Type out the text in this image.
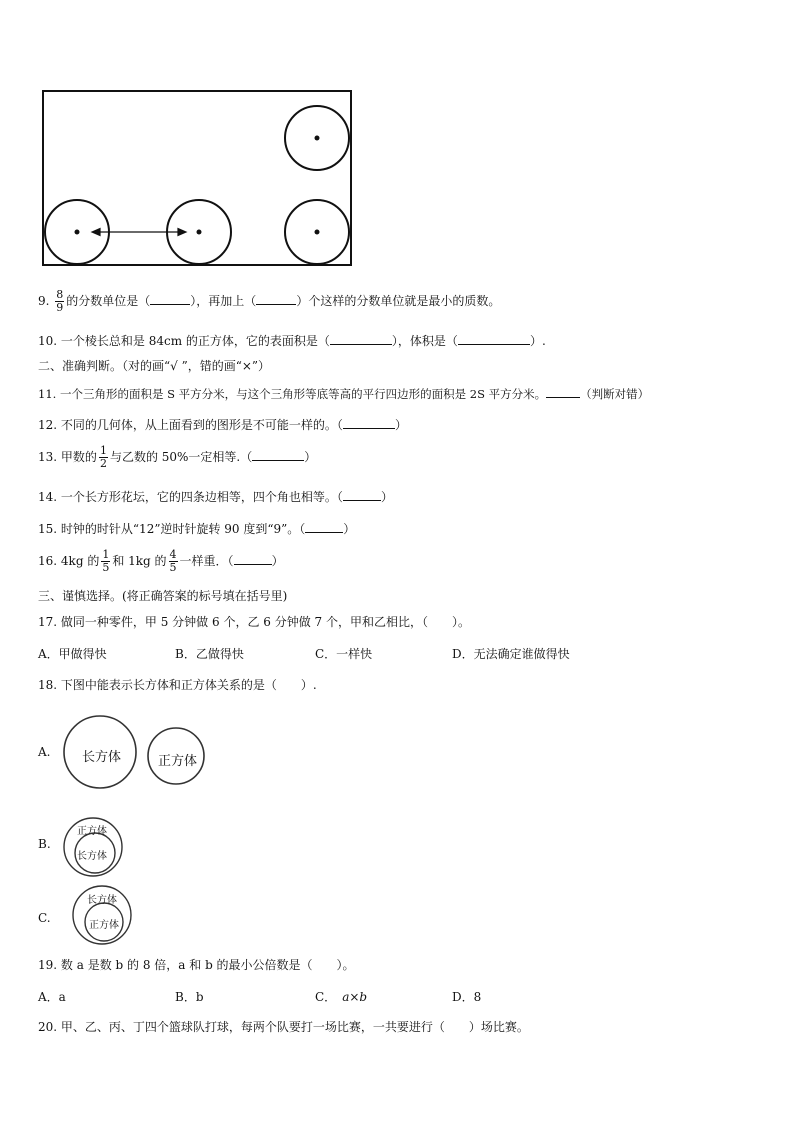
9. $\frac{8}{9}$ 的分数单位是（	），再加上（	）个这样的分数单位就是最小的质数。
10. 一个棱长总和是 84cm 的正方体，它的表面积是（	），体积是（	）.
二、准确判断。（对的画“√ ”，错的画“×”）
11. 一个三角形的面积是 S 平方分米，与这个三角形等底等高的平行四边形的面积是 2S 平方分米。	（判断对错）
12. 不同的几何体，从上面看到的图形是不可能一样的。（	）
13. 甲数的 $\frac{1}{2}$ 与乙数的 50%一定相等.（	）
14. 一个长方形花坛，它的四条边相等，四个角也相等。（	）
15. 时钟的时针从“12”逆时针旋转 90 度到“9”。（	）
16. 4kg 的 $\frac{1}{5}$ 和 1kg 的 $\frac{4}{5}$ 一样重．（	）
三、谨慎选择。(将正确答案的标号填在括号里)
17. 做同一种零件，甲 5 分钟做 6 个，乙 6 分钟做 7 个，甲和乙相比，（　　）。
A．甲做得快	B．乙做得快	C．一样快	D．无法确定谁做得快
18. 下图中能表示长方体和正方体关系的是（　　）.
A. 长方体	正方体
B.
正方体
长方体
C.
长方体
正方体
19. 数 a 是数 b 的 8 倍，a 和 b 的最小公倍数是（　　）。
A．a	B．b	C． a×b	D．8
20. 甲、乙、丙、丁四个篮球队打球，每两个队要打一场比赛，一共要进行（　　）场比赛。
